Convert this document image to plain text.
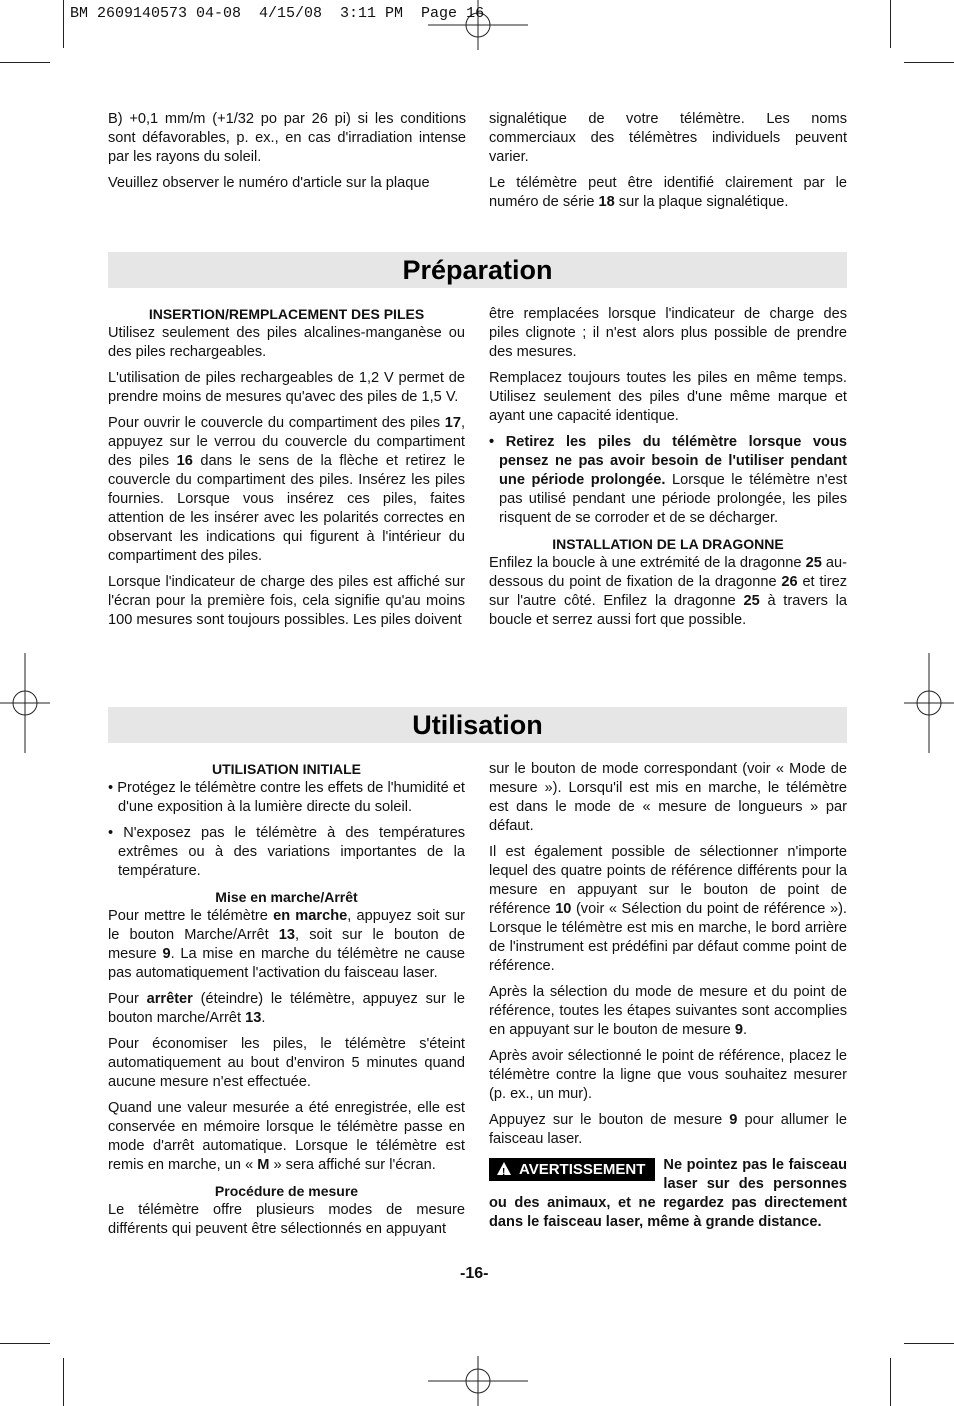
BM 2609140573 04-08  4/15/08  3:11 PM  Page 16

B) +0,1 mm/m (+1/32 po par 26 pi) si les conditions sont défavorables, p. ex., en cas d'irradiation intense par les rayons du soleil.

Veuillez observer le numéro d'article sur la plaque

signalétique de votre télémètre. Les noms commerciaux des télémètres individuels peuvent varier.

Le télémètre peut être identifié clairement par le numéro de série 18 sur la plaque signalétique.

Préparation
INSERTION/REMPLACEMENT DES PILES

Utilisez seulement des piles alcalines-manganèse ou des piles rechargeables.

L'utilisation de piles rechargeables de 1,2 V permet de prendre moins de mesures qu'avec des piles de 1,5 V.

Pour ouvrir le couvercle du compartiment des piles 17, appuyez sur le verrou du couvercle du compartiment des piles 16 dans le sens de la flèche et retirez le couvercle du compartiment des piles. Insérez les piles fournies. Lorsque vous insérez ces piles, faites attention de les insérer avec les polarités correctes en observant les indications qui figurent à l'intérieur du compartiment des piles.

Lorsque l'indicateur de charge des piles est affiché sur l'écran pour la première fois, cela signifie qu'au moins 100 mesures sont toujours possibles. Les piles doivent

être remplacées lorsque l'indicateur de charge des piles clignote ; il n'est alors plus possible de prendre des mesures.

Remplacez toujours toutes les piles en même temps. Utilisez seulement des piles d'une même marque et ayant une capacité identique.

• Retirez les piles du télémètre lorsque vous pensez ne pas avoir besoin de l'utiliser pendant une période prolongée. Lorsque le télémètre n'est pas utilisé pendant une période prolongée, les piles risquent de se corroder et de se décharger.

INSTALLATION DE LA DRAGONNE

Enfilez la boucle à une extrémité de la dragonne 25 au-dessous du point de fixation de la dragonne 26 et tirez sur l'autre côté. Enfilez la dragonne 25 à travers la boucle et serrez aussi fort que possible.

Utilisation
UTILISATION INITIALE

• Protégez le télémètre contre les effets de l'humidité et d'une exposition à la lumière directe du soleil.

• N'exposez pas le télémètre à des températures extrêmes ou à des variations importantes de la température.

Mise en marche/Arrêt

Pour mettre le télémètre en marche, appuyez soit sur le bouton Marche/Arrêt 13, soit sur le bouton de mesure 9. La mise en marche du télémètre ne cause pas automatiquement l'activation du faisceau laser.

Pour arrêter (éteindre) le télémètre, appuyez sur le bouton marche/Arrêt 13.

Pour économiser les piles, le télémètre s'éteint automatiquement au bout d'environ 5 minutes quand aucune mesure n'est effectuée.

Quand une valeur mesurée a été enregistrée, elle est conservée en mémoire lorsque le télémètre passe en mode d'arrêt automatique. Lorsque le télémètre est remis en marche, un « M » sera affiché sur l'écran.

Procédure de mesure

Le télémètre offre plusieurs modes de mesure différents qui peuvent être sélectionnés en appuyant

sur le bouton de mode correspondant (voir « Mode de mesure »). Lorsqu'il est mis en marche, le télémètre est dans le mode de « mesure de longueurs » par défaut.

Il est également possible de sélectionner n'importe lequel des quatre points de référence différents pour la mesure en appuyant sur le bouton de point de référence 10 (voir « Sélection du point de référence »). Lorsque le télémètre est mis en marche, le bord arrière de l'instrument est prédéfini par défaut comme point de référence.

Après la sélection du mode de mesure et du point de référence, toutes les étapes suivantes sont accomplies en appuyant sur le bouton de mesure 9.

Après avoir sélectionné le point de référence, placez le télémètre contre la ligne que vous souhaitez mesurer (p. ex., un mur).

Appuyez sur le bouton de mesure 9 pour allumer le faisceau laser.

!AVERTISSEMENT	Ne pointez pas le faisceau laser sur des personnes ou des animaux, et ne regardez pas directement dans le faisceau laser, même à grande distance.

-16-
